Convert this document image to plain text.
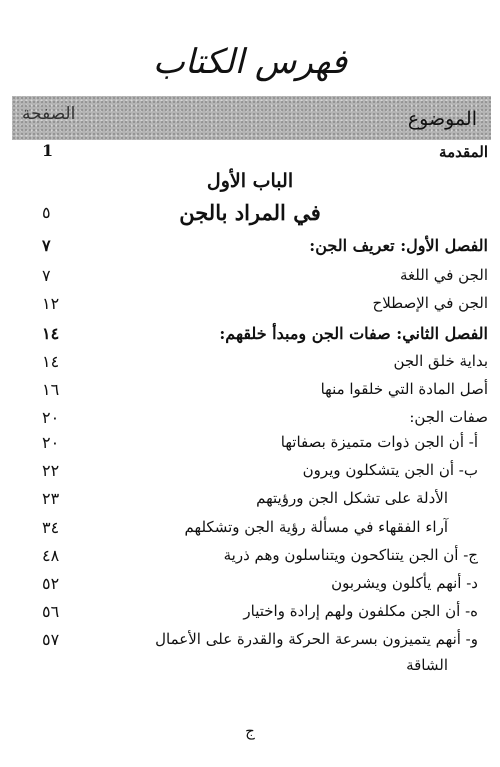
فهرس الكتاب
الموضوع
الصفحة
المقدمة
1
الباب الأول
في المراد بالجن
٥
الفصل الأول: تعريف الجن:
٧
الجن في اللغة
٧
الجن في الإصطلاح
١٢
الفصل الثاني: صفات الجن ومبدأ خلقهم:
١٤
بداية خلق الجن
١٤
أصل المادة التي خلقوا منها
١٦
صفات الجن:
٢٠
أ- أن الجن ذوات متميزة بصفاتها
٢٠
ب- أن الجن يتشكلون ويرون
٢٢
الأدلة على تشكل الجن ورؤيتهم
٢٣
آراء الفقهاء في مسألة رؤية الجن وتشكلهم
٣٤
ج- أن الجن يتناكحون ويتناسلون وهم ذرية
٤٨
د- أنهم يأكلون ويشربون
٥٢
ه- أن الجن مكلفون ولهم إرادة واختيار
٥٦
و- أنهم يتميزون بسرعة الحركة والقدرة على الأعمال
٥٧
الشاقة
ج
